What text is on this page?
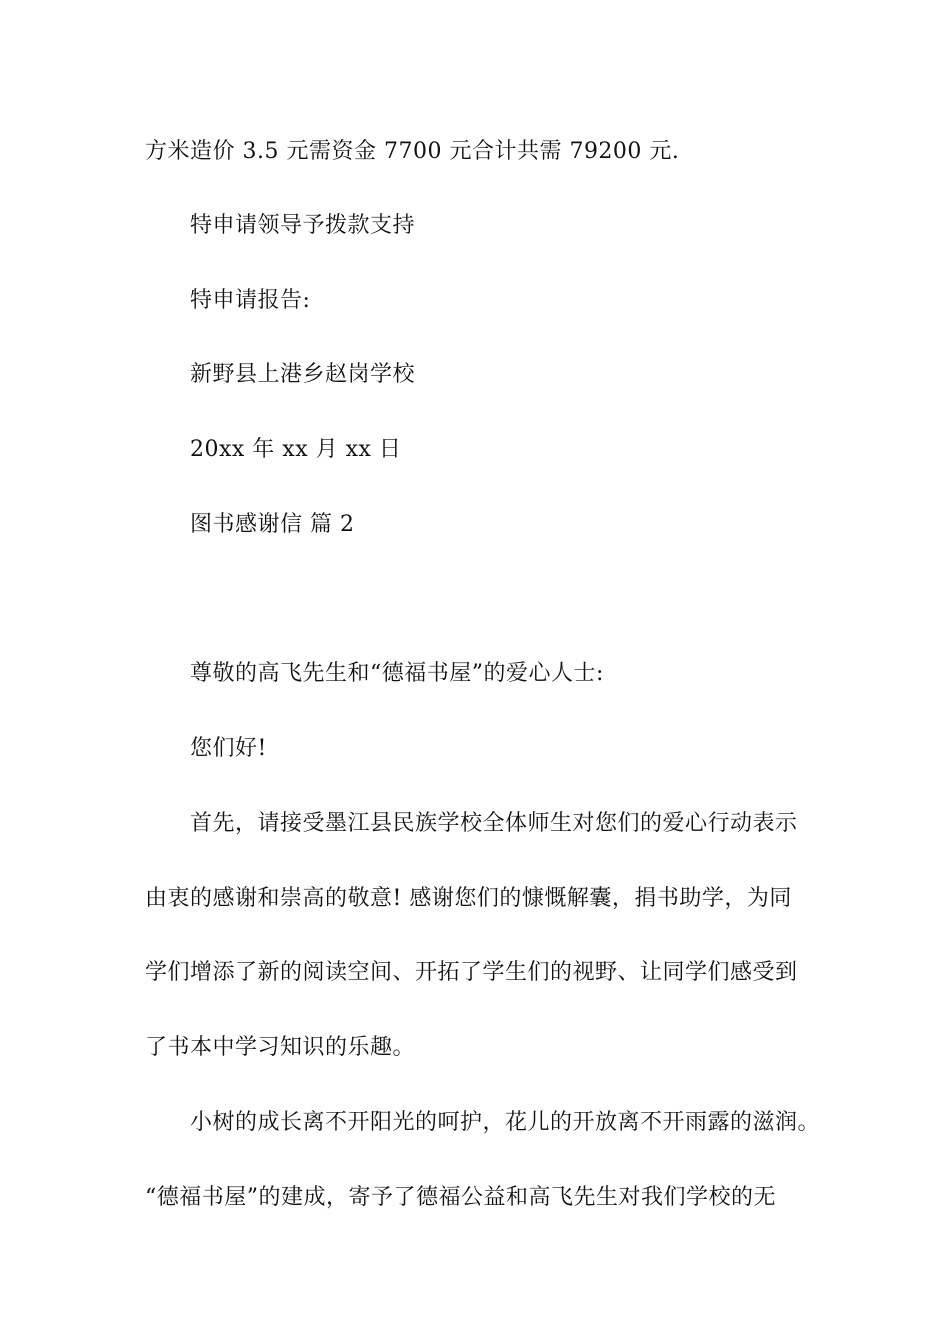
方米造价 3.5 元需资金 7700 元合计共需 79200 元.
特申请领导予拨款支持
特申请报告:
新野县上港乡赵岗学校
20xx 年 xx 月 xx 日
图书感谢信 篇 2
尊敬的高飞先生和“德福书屋”的爱心人士:
您们好!
首先，请接受墨江县民族学校全体师生对您们的爱心行动表示
由衷的感谢和崇高的敬意! 感谢您们的慷慨解囊，捐书助学，为同
学们增添了新的阅读空间、开拓了学生们的视野、让同学们感受到
了书本中学习知识的乐趣。
小树的成长离不开阳光的呵护，花儿的开放离不开雨露的滋润。
“德福书屋”的建成，寄予了德福公益和高飞先生对我们学校的无
